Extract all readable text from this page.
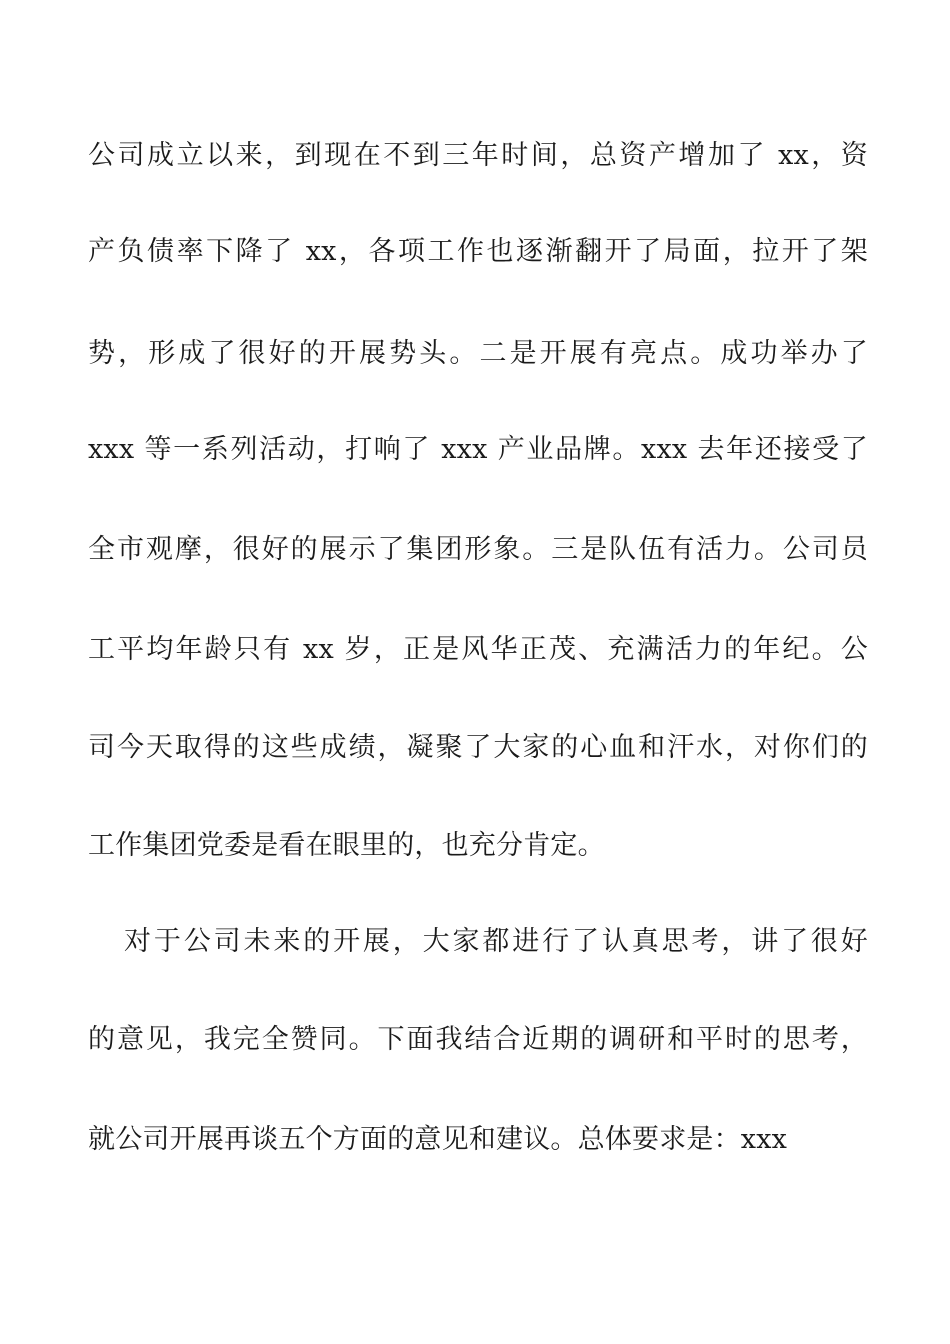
公司成立以来，到现在不到三年时间，总资产增加了 xx，资
产负债率下降了 xx，各项工作也逐渐翻开了局面，拉开了架
势，形成了很好的开展势头。二是开展有亮点。成功举办了
xxx 等一系列活动，打响了 xxx 产业品牌。xxx 去年还接受了
全市观摩，很好的展示了集团形象。三是队伍有活力。公司员
工平均年龄只有 xx 岁，正是风华正茂、充满活力的年纪。公
司今天取得的这些成绩，凝聚了大家的心血和汗水，对你们的
工作集团党委是看在眼里的，也充分肯定。
对于公司未来的开展，大家都进行了认真思考，讲了很好
的意见，我完全赞同。下面我结合近期的调研和平时的思考，
就公司开展再谈五个方面的意见和建议。总体要求是：xxx
